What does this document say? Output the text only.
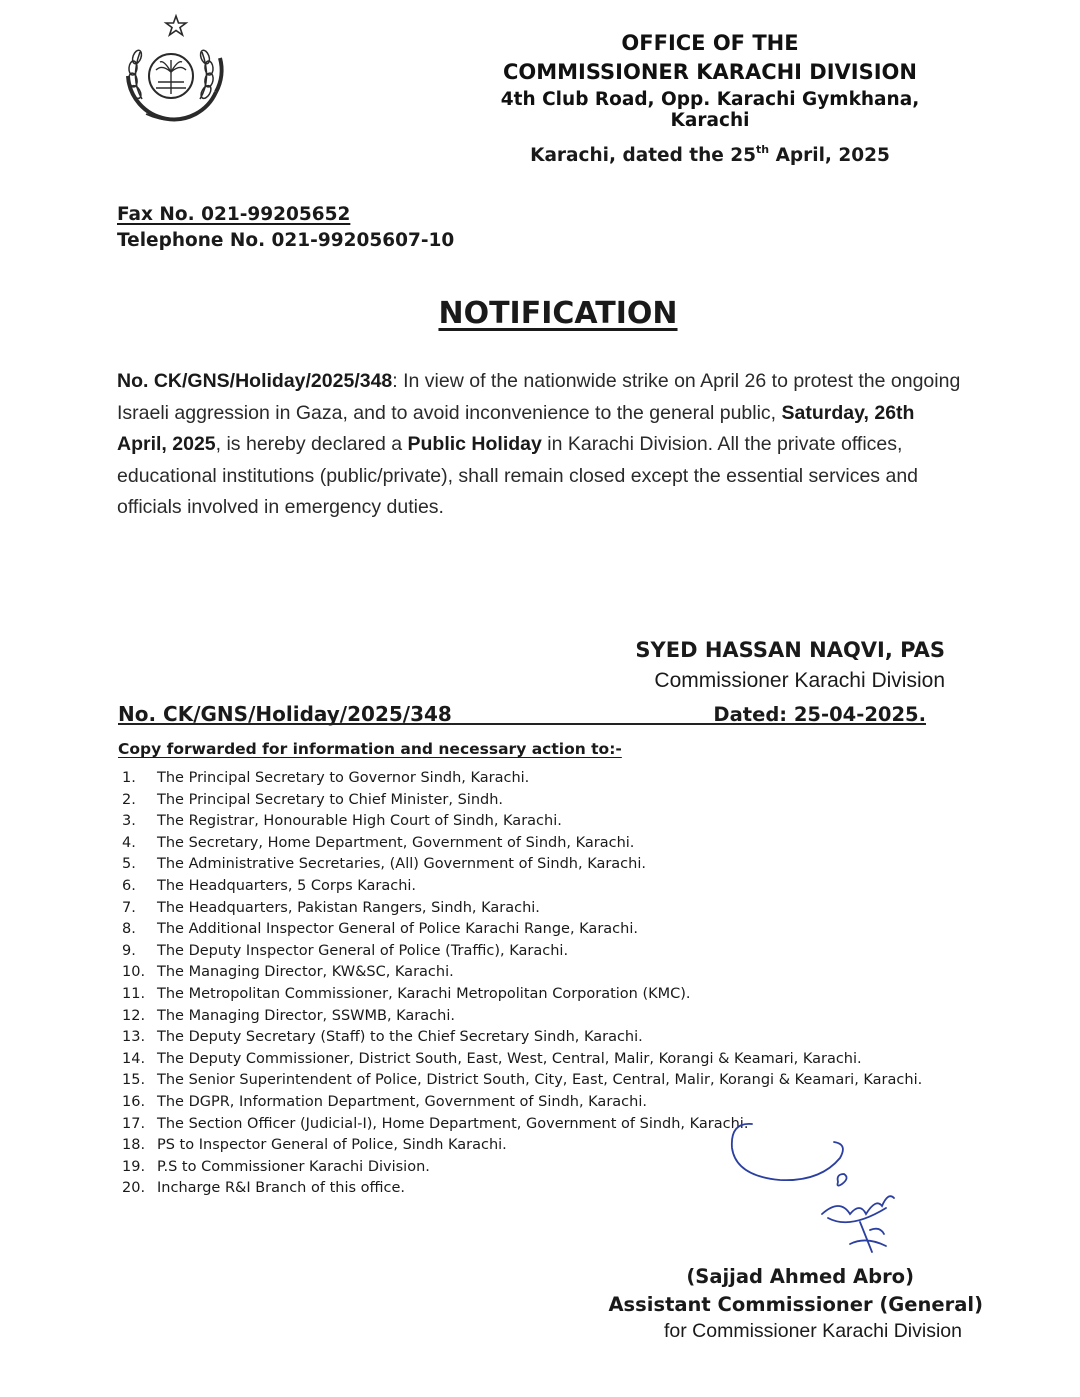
OFFICE OF THE
COMMISSIONER KARACHI DIVISION
4th Club Road, Opp. Karachi Gymkhana, Karachi
Karachi, dated the 25th April, 2025
Fax No. 021-99205652
Telephone No. 021-99205607-10
NOTIFICATION
No. CK/GNS/Holiday/2025/348: In view of the nationwide strike on April 26 to protest the ongoing Israeli aggression in Gaza, and to avoid inconvenience to the general public, Saturday, 26th April, 2025, is hereby declared a Public Holiday in Karachi Division. All the private offices, educational institutions (public/private), shall remain closed except the essential services and officials involved in emergency duties.
SYED HASSAN NAQVI, PAS
Commissioner Karachi Division
No. CK/GNS/Holiday/2025/348	Dated: 25-04-2025.
Copy forwarded for information and necessary action to:-
1.	The Principal Secretary to Governor Sindh, Karachi.
2.	The Principal Secretary to Chief Minister, Sindh.
3.	The Registrar, Honourable High Court of Sindh, Karachi.
4.	The Secretary, Home Department, Government of Sindh, Karachi.
5.	The Administrative Secretaries, (All) Government of Sindh, Karachi.
6.	The Headquarters, 5 Corps Karachi.
7.	The Headquarters, Pakistan Rangers, Sindh, Karachi.
8.	The Additional Inspector General of Police Karachi Range, Karachi.
9.	The Deputy Inspector General of Police (Traffic), Karachi.
10. The Managing Director, KW&SC, Karachi.
11. The Metropolitan Commissioner, Karachi Metropolitan Corporation (KMC).
12. The Managing Director, SSWMB, Karachi.
13. The Deputy Secretary (Staff) to the Chief Secretary Sindh, Karachi.
14. The Deputy Commissioner, District South, East, West, Central, Malir, Korangi & Keamari, Karachi.
15. The Senior Superintendent of Police, District South, City, East, Central, Malir, Korangi & Keamari, Karachi.
16. The DGPR, Information Department, Government of Sindh, Karachi.
17. The Section Officer (Judicial-I), Home Department, Government of Sindh, Karachi.
18. PS to Inspector General of Police, Sindh Karachi.
19. P.S to Commissioner Karachi Division.
20. Incharge R&I Branch of this office.
(Sajjad Ahmed Abro)
Assistant Commissioner (General)
for Commissioner Karachi Division
